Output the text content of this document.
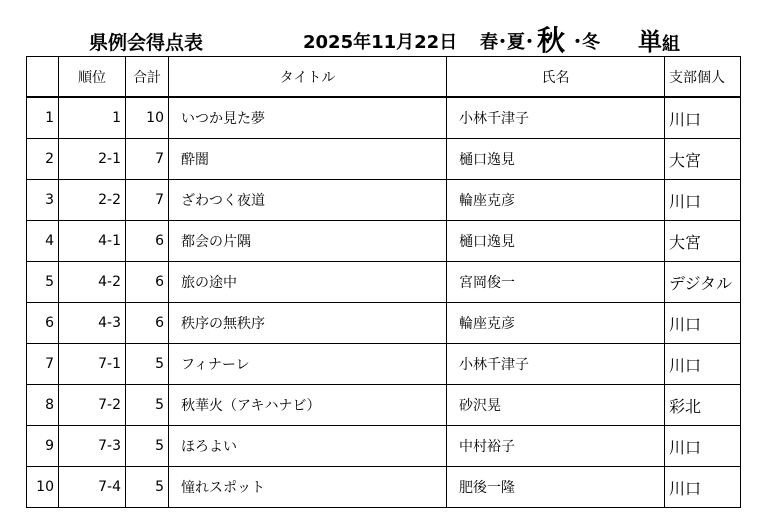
県例会得点表	2025年11月22日 春･夏･ 秋 ･冬 単組
	順位	合計	タイトル	氏名	支部個人
1	1	10	いつか見た夢	小林千津子	川口
2	2-1	7	酔闇	樋口逸見	大宮
3	2-2	7	ざわつく夜道	輪座克彦	川口
4	4-1	6	都会の片隅	樋口逸見	大宮
5	4-2	6	旅の途中	宮岡俊一	デジタル
6	4-3	6	秩序の無秩序	輪座克彦	川口
7	7-1	5	フィナーレ	小林千津子	川口
8	7-2	5	秋華火（アキハナビ）	砂沢晃	彩北
9	7-3	5	ほろよい	中村裕子	川口
10	7-4	5	憧れスポット	肥後一隆	川口
